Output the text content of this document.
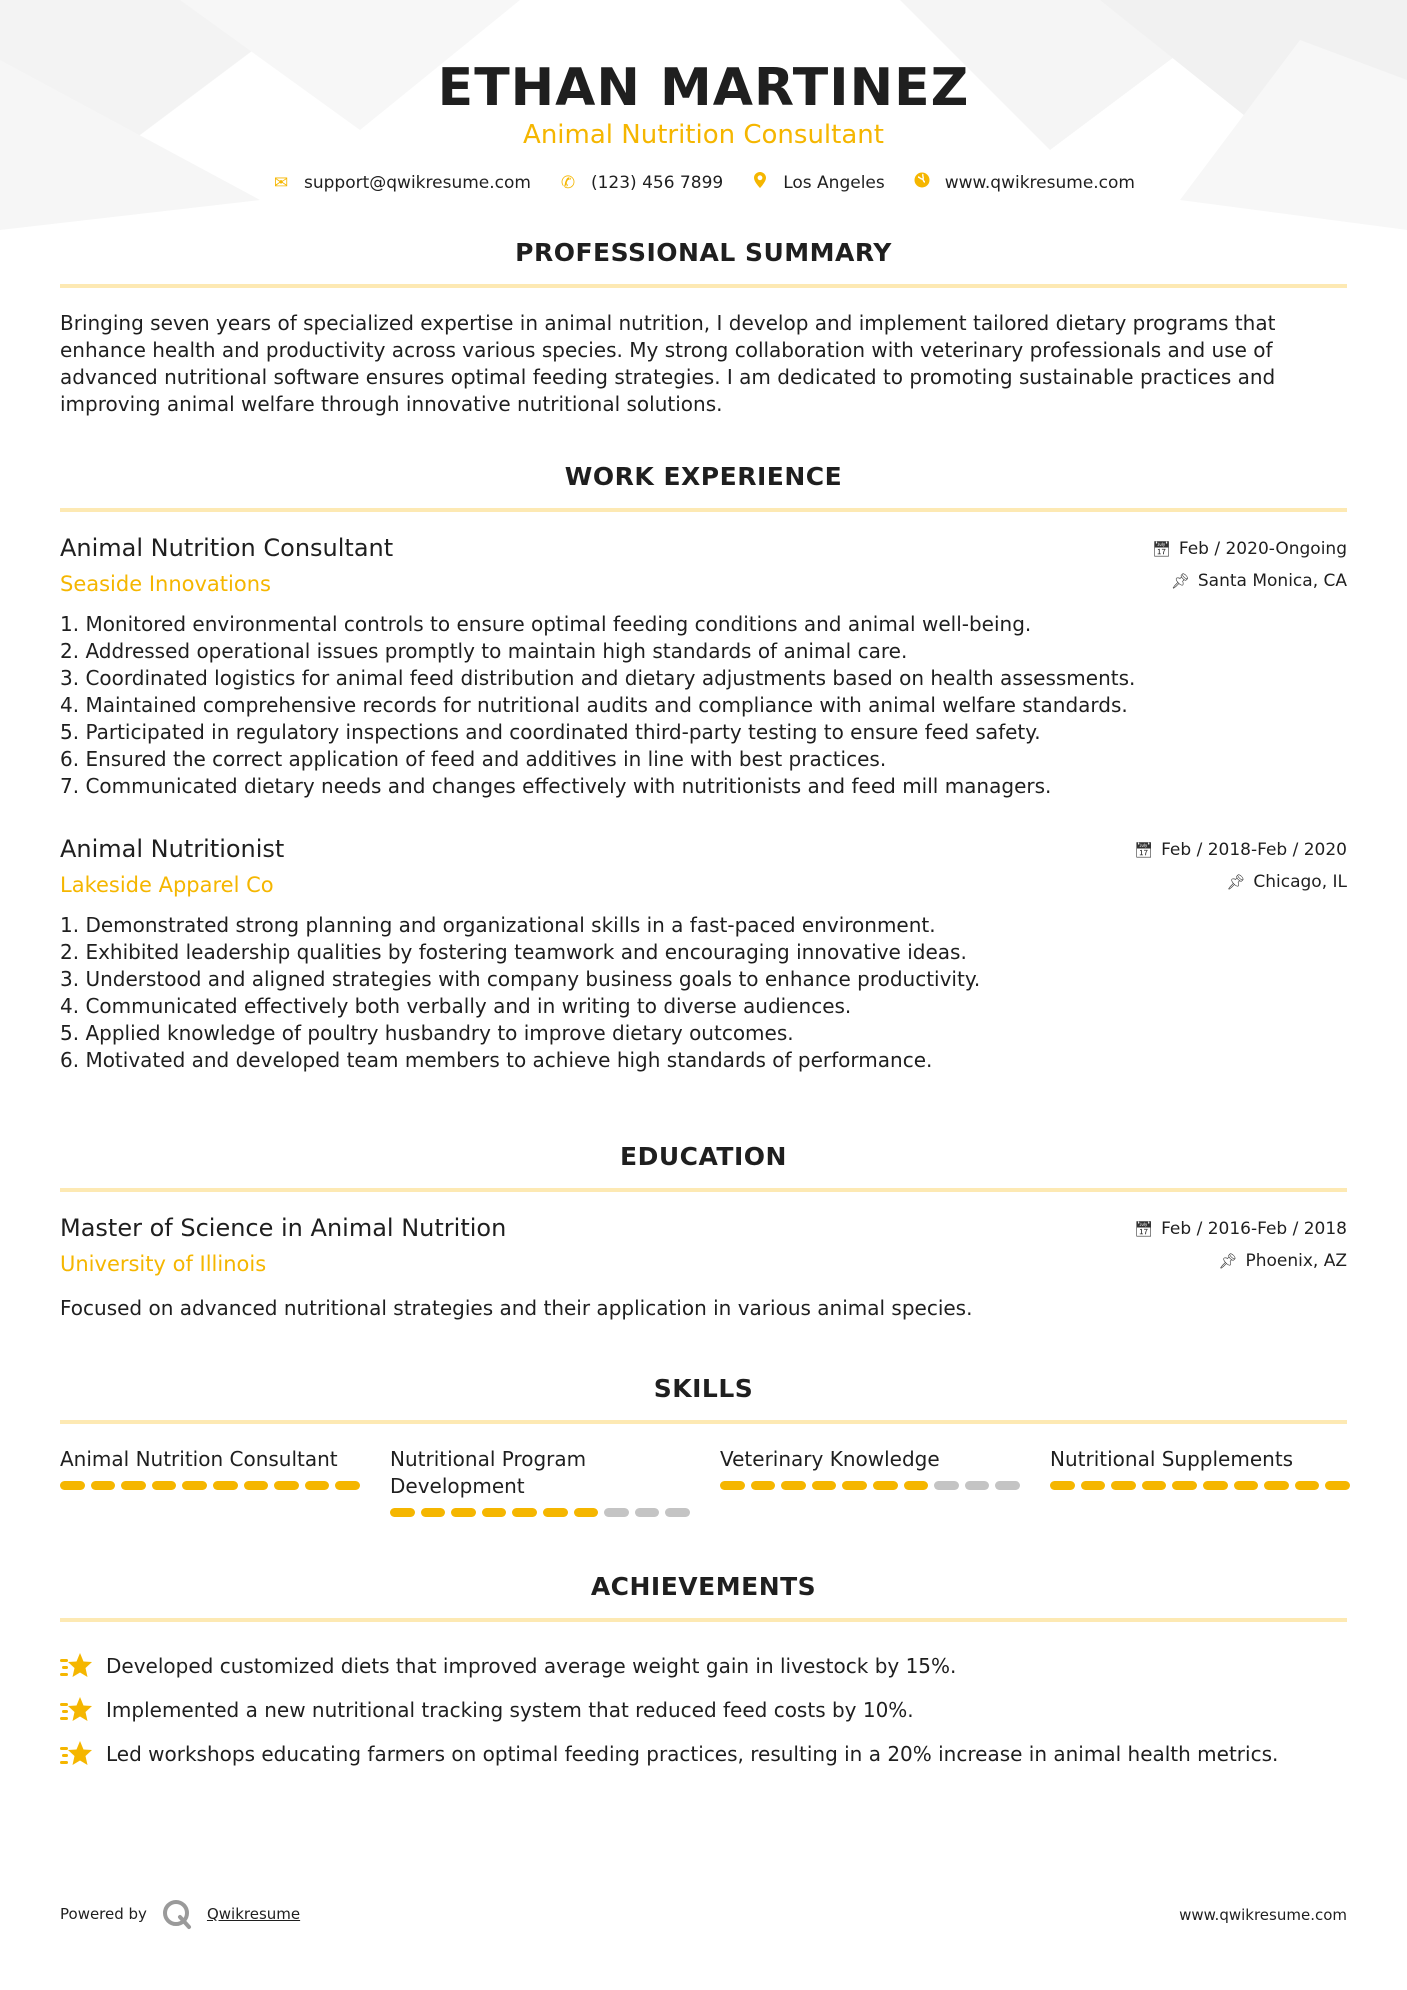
ETHAN MARTINEZ
Animal Nutrition Consultant
✉ support@qwikresume.com ✆ (123) 456 7899	Los Angeles	www.qwikresume.com
PROFESSIONAL SUMMARY

Bringing seven years of specialized expertise in animal nutrition, I develop and implement tailored dietary programs that enhance health and productivity across various species. My strong collaboration with veterinary professionals and use of advanced nutritional software ensures optimal feeding strategies. I am dedicated to promoting sustainable practices and improving animal welfare through innovative nutritional solutions.

WORK EXPERIENCE
Animal Nutrition Consultant
Seaside Innovations
📅︎ Feb / 2020-Ongoing
📌︎ Santa Monica, CA
1. Monitored environmental controls to ensure optimal feeding conditions and animal well-being.
2. Addressed operational issues promptly to maintain high standards of animal care.
3. Coordinated logistics for animal feed distribution and dietary adjustments based on health assessments.
4. Maintained comprehensive records for nutritional audits and compliance with animal welfare standards.
5. Participated in regulatory inspections and coordinated third-party testing to ensure feed safety.
6. Ensured the correct application of feed and additives in line with best practices.
7. Communicated dietary needs and changes effectively with nutritionists and feed mill managers.
Animal Nutritionist
Lakeside Apparel Co
📅︎ Feb / 2018-Feb / 2020
📌︎ Chicago, IL
1. Demonstrated strong planning and organizational skills in a fast-paced environment.
2. Exhibited leadership qualities by fostering teamwork and encouraging innovative ideas.
3. Understood and aligned strategies with company business goals to enhance productivity.
4. Communicated effectively both verbally and in writing to diverse audiences.
5. Applied knowledge of poultry husbandry to improve dietary outcomes.
6. Motivated and developed team members to achieve high standards of performance.
EDUCATION
Master of Science in Animal Nutrition
University of Illinois
📅︎ Feb / 2016-Feb / 2018
📌︎ Phoenix, AZ
Focused on advanced nutritional strategies and their application in various animal species.
SKILLS
Animal Nutrition Consultant	Nutritional Program Development
Veterinary Knowledge	Nutritional Supplements
ACHIEVEMENTS
Developed customized diets that improved average weight gain in livestock by 15%.
Implemented a new nutritional tracking system that reduced feed costs by 10%.
Led workshops educating farmers on optimal feeding practices, resulting in a 20% increase in animal health metrics.
Powered by	Qwikresume	www.qwikresume.com
